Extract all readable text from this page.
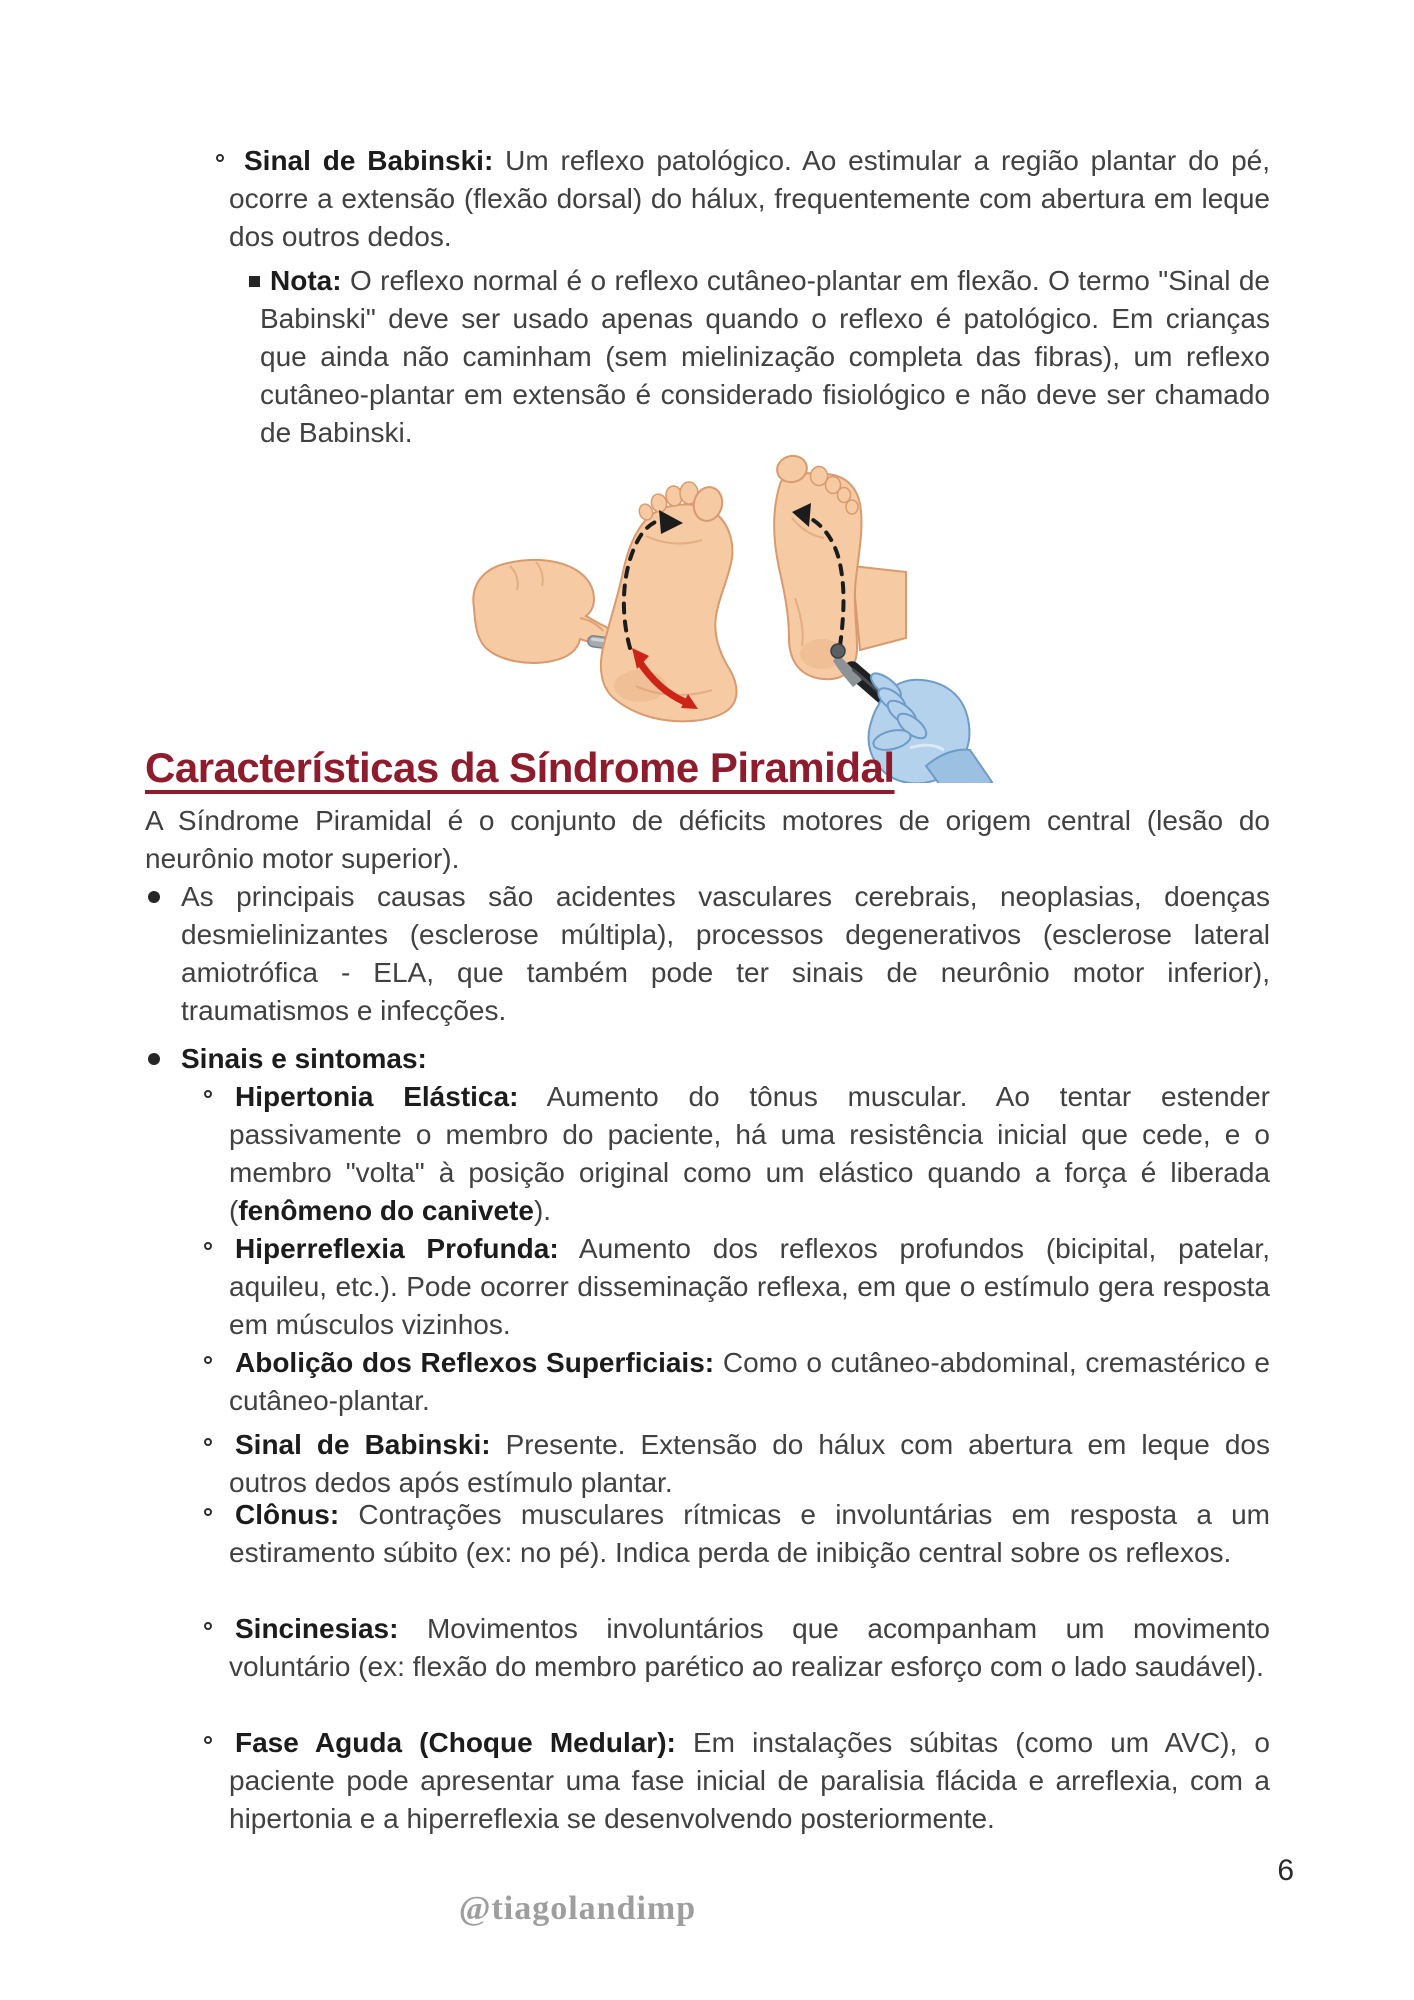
Sinal de Babinski: Um reflexo patológico. Ao estimular a região plantar do pé, ocorre a extensão (flexão dorsal) do hálux, frequentemente com abertura em leque dos outros dedos.
Nota: O reflexo normal é o reflexo cutâneo-plantar em flexão. O termo "Sinal de Babinski" deve ser usado apenas quando o reflexo é patológico. Em crianças que ainda não caminham (sem mielinização completa das fibras), um reflexo cutâneo-plantar em extensão é considerado fisiológico e não deve ser chamado de Babinski.
Características da Síndrome Piramidal

A Síndrome Piramidal é o conjunto de déficits motores de origem central (lesão do neurônio motor superior).

As principais causas são acidentes vasculares cerebrais, neoplasias, doenças desmielinizantes (esclerose múltipla), processos degenerativos (esclerose lateral amiotrófica - ELA, que também pode ter sinais de neurônio motor inferior), traumatismos e infecções.
Sinais e sintomas:
Hipertonia Elástica: Aumento do tônus muscular. Ao tentar estender passivamente o membro do paciente, há uma resistência inicial que cede, e o membro "volta" à posição original como um elástico quando a força é liberada (fenômeno do canivete).
Hiperreflexia Profunda: Aumento dos reflexos profundos (bicipital, patelar, aquileu, etc.). Pode ocorrer disseminação reflexa, em que o estímulo gera resposta em músculos vizinhos.
Abolição dos Reflexos Superficiais: Como o cutâneo-abdominal, cremastérico e cutâneo-plantar.
Sinal de Babinski: Presente. Extensão do hálux com abertura em leque dos outros dedos após estímulo plantar.
Clônus: Contrações musculares rítmicas e involuntárias em resposta a um estiramento súbito (ex: no pé). Indica perda de inibição central sobre os reflexos.
Sincinesias: Movimentos involuntários que acompanham um movimento voluntário (ex: flexão do membro parético ao realizar esforço com o lado saudável).
Fase Aguda (Choque Medular): Em instalações súbitas (como um AVC), o paciente pode apresentar uma fase inicial de paralisia flácida e arreflexia, com a hipertonia e a hiperreflexia se desenvolvendo posteriormente.
6
@tiagolandimp
